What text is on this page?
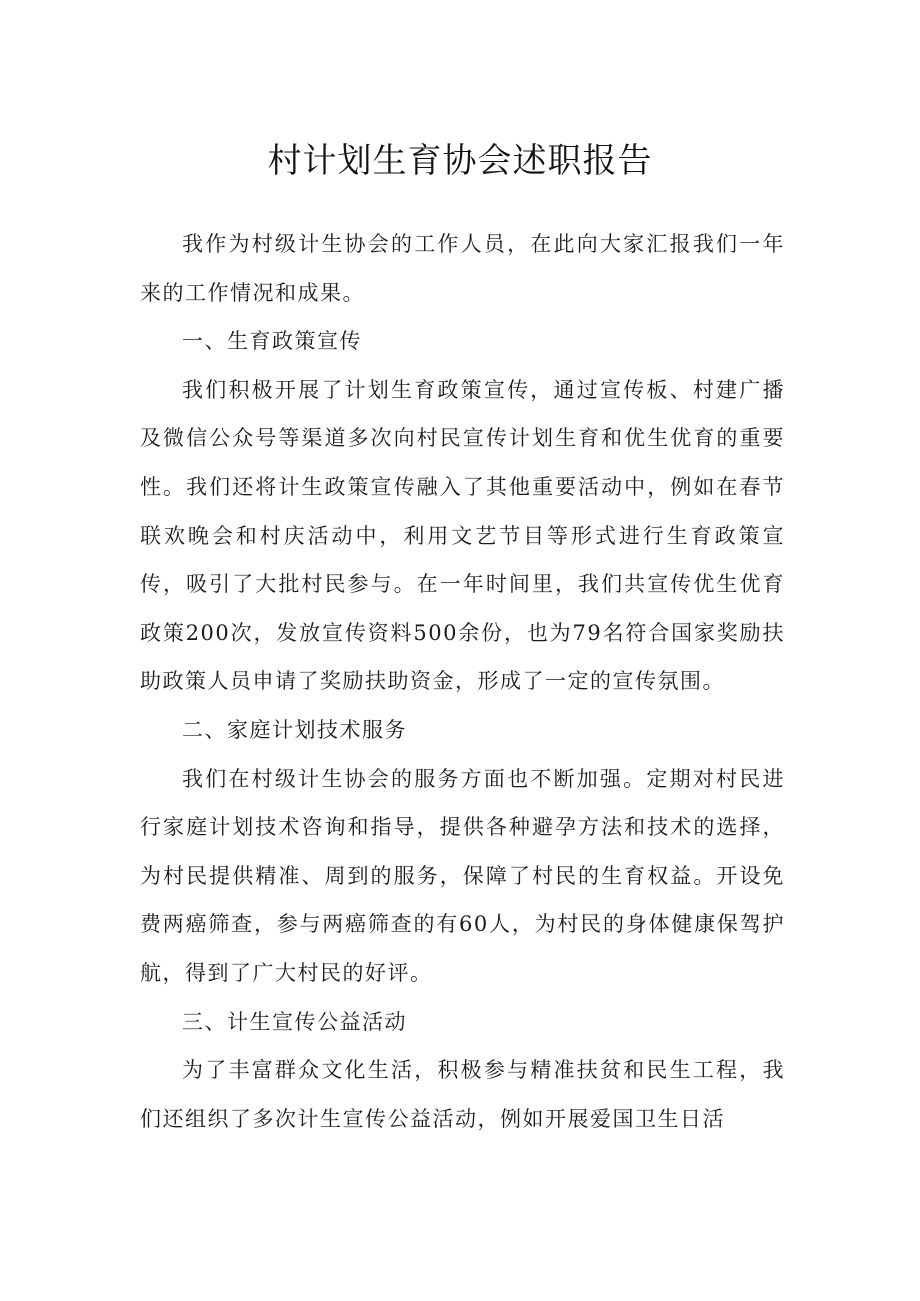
村计划生育协会述职报告

我作为村级计生协会的工作人员，在此向大家汇报我们一年来的工作情况和成果。

一、生育政策宣传

我们积极开展了计划生育政策宣传，通过宣传板、村建广播及微信公众号等渠道多次向村民宣传计划生育和优生优育的重要性。我们还将计生政策宣传融入了其他重要活动中，例如在春节联欢晚会和村庆活动中，利用文艺节目等形式进行生育政策宣传，吸引了大批村民参与。在一年时间里，我们共宣传优生优育政策200次，发放宣传资料500余份，也为79名符合国家奖励扶助政策人员申请了奖励扶助资金，形成了一定的宣传氛围。

二、家庭计划技术服务

我们在村级计生协会的服务方面也不断加强。定期对村民进行家庭计划技术咨询和指导，提供各种避孕方法和技术的选择，为村民提供精准、周到的服务，保障了村民的生育权益。开设免费两癌筛查，参与两癌筛查的有60人，为村民的身体健康保驾护航，得到了广大村民的好评。

三、计生宣传公益活动

为了丰富群众文化生活，积极参与精准扶贫和民生工程，我们还组织了多次计生宣传公益活动，例如开展爱国卫生日活
